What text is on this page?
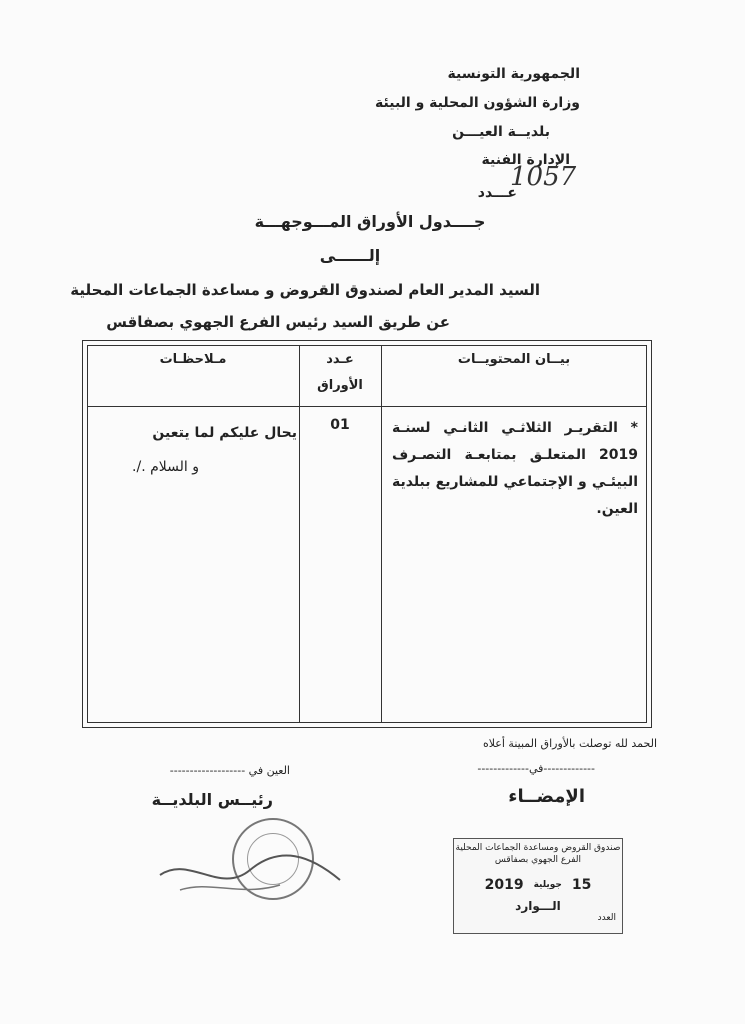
الجمهورية التونسية
وزارة الشؤون المحلية و البيئة
بلديــة العيـــن
الإدارة الفنية
عـــدد
1057
جــــدول الأوراق المـــوجهـــة
إلــــــى
السيد المدير العام لصندوق القروض و مساعدة الجماعات المحلية
عن طريق السيد رئيس الفرع الجهوي بصفاقس
بيــان المحتويــات
عـدد
الأوراق
مـلاحظـات
* التقريـر الثلاثـي الثانـي لسنـة 2019 المتعلـق بمتابعـة التصـرف البيئـي و الإجتماعي للمشاريع ببلدية العين.
01
يحال عليكم لما يتعين
و السلام ./.
الحمد لله توصلت بالأوراق المبينة أعلاه
-------------في-------------
الإمضــاء
العين في -------------------
رئيــس البلديــة
صندوق القروض ومساعدة الجماعات المحلية
الفرع الجهوي بصفاقس
2019 جويلية 15
الـــوارد
العدد
